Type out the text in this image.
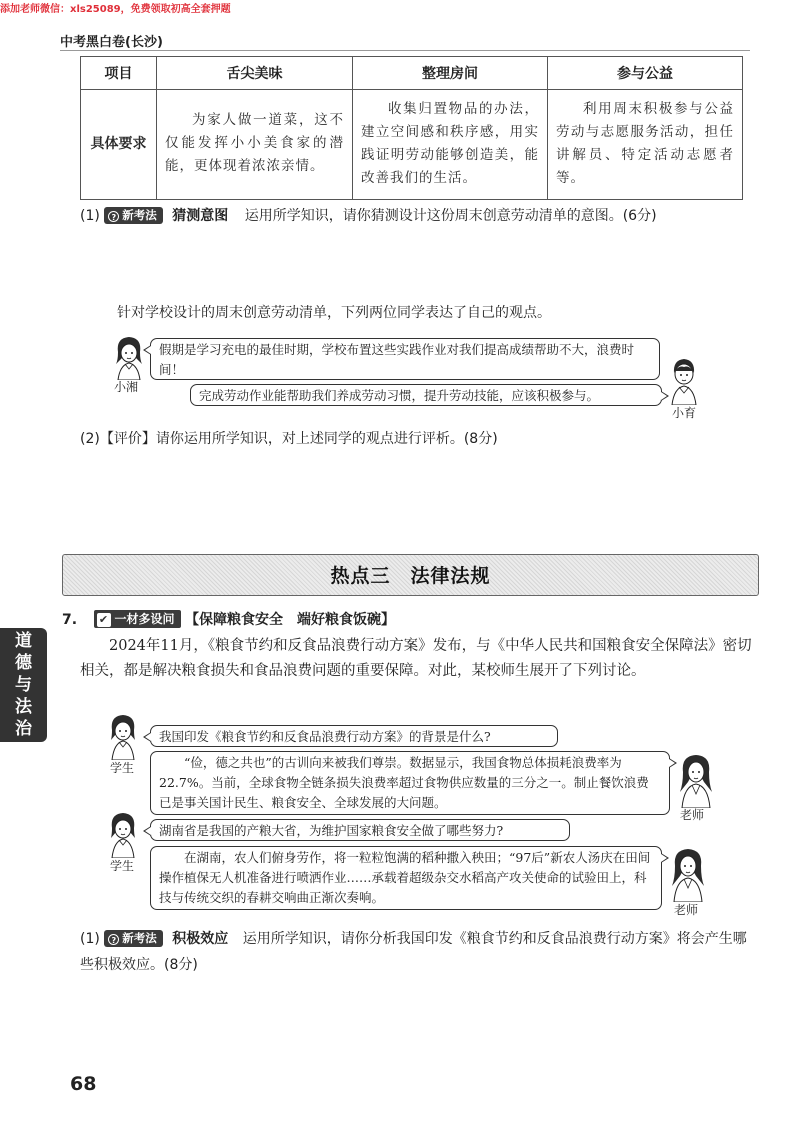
添加老师微信：xls25089，免费领取初高全套押题
中考黑白卷(长沙)
项目	舌尖美味	整理房间	参与公益
具体要求	为家人做一道菜，这不仅能发挥小小美食家的潜能，更体现着浓浓亲情。	收集归置物品的办法，建立空间感和秩序感，用实践证明劳动能够创造美，能改善我们的生活。	利用周末积极参与公益劳动与志愿服务活动，担任讲解员、特定活动志愿者等。
(1) ? 新考法 猜测意图 运用所学知识，请你猜测设计这份周末创意劳动清单的意图。(6分)
针对学校设计的周末创意劳动清单，下列两位同学表达了自己的观点。
小湘
假期是学习充电的最佳时期，学校布置这些实践作业对我们提高成绩帮助不大，浪费时间！
完成劳动作业能帮助我们养成劳动习惯，提升劳动技能，应该积极参与。
小育
(2)【评价】请你运用所学知识，对上述同学的观点进行评析。(8分)
热点三　法律法规
道
德
与
法
治
7. ✔ 一材多设问 【保障粮食安全　端好粮食饭碗】
2024年11月，《粮食节约和反食品浪费行动方案》发布，与《中华人民共和国粮食安全保障法》密切相关，都是解决粮食损失和食品浪费问题的重要保障。对此，某校师生展开了下列讨论。
学生
我国印发《粮食节约和反食品浪费行动方案》的背景是什么?
“俭，德之共也”的古训向来被我们尊崇。数据显示，我国食物总体损耗浪费率为22.7%。当前，全球食物全链条损失浪费率超过食物供应数量的三分之一。制止餐饮浪费已是事关国计民生、粮食安全、全球发展的大问题。
老师
学生
湖南省是我国的产粮大省，为维护国家粮食安全做了哪些努力?
在湖南，农人们俯身劳作，将一粒粒饱满的稻种撒入秧田；“97后”新农人汤庆在田间操作植保无人机准备进行喷洒作业……承载着超级杂交水稻高产攻关使命的试验田上，科技与传统交织的春耕交响曲正渐次奏响。
老师
(1) ? 新考法 积极效应 运用所学知识，请你分析我国印发《粮食节约和反食品浪费行动方案》将会产生哪些积极效应。(8分)
68
